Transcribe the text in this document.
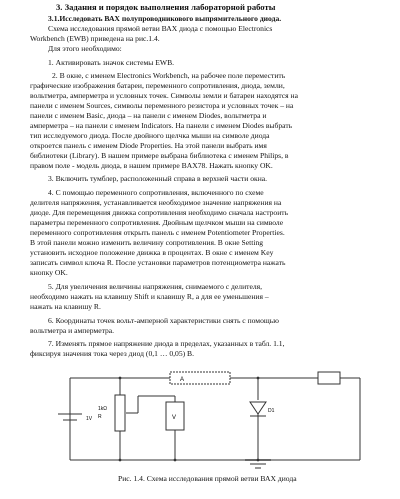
3. Задания и порядок выполнения лабораторной работы
3.1.Исследовать ВАХ полупроводникового выпрямительного диода.
Схема исследования прямой ветви ВАХ диода с помощью Electronics
Workbench (EWB) приведена на рис.1.4.
Для этого необходимо:
1. Активировать значок системы EWB.
2. В окне, с именем Electronics Workbench, на рабочее поле переместить
графические изображения батареи, переменного сопротивления, диода, земли,
вольтметра, амперметра и условных точек. Символы земли и батареи находятся на
панели с именем Sources, символы переменного резистора и условных точек – на
панели с именем Basic, диода – на панели с именем Diodes, вольтметра и
амперметра – на панели с именем Indicators. На панели с именем Diodes выбрать
тип исследуемого диода. После двойного щелчка мыши на символе диода
откроется панель с именем Diode Properties. На этой панели выбрать имя
библиотеки (Library). В нашем примере выбрана библиотека с именем Philips, в
правом поле - модель диода, в нашем примере BAX78. Нажать кнопку OK.
3. Включить тумблер, расположенный справа в верхней части окна.
4. С помощью переменного сопротивления, включенного по схеме
делителя напряжения, устанавливается необходимое значение напряжения на
диоде. Для перемещения движка сопротивления необходимо сначала настроить
параметры переменного сопротивления. Двойным щелчком мыши на символе
переменного сопротивления открыть панель с именем Potentiometer Properties.
В этой панели можно изменить величину сопротивления. В окне Setting
установить исходное положение движка в процентах. В окне с именем Key
записать символ ключа R. После установки параметров потенциометра нажать
кнопку OK.
5. Для увеличения величины напряжения, снимаемого с делителя,
необходимо нажать на клавишу Shift и клавишу R, а для ее уменьшения –
нажать на клавишу R.
6. Координаты точек вольт-амперной характеристики снять с помощью
вольтметра и амперметра.
7. Изменять прямое напряжение диода в пределах, указанных в табл. 1.1,
фиксируя значения тока через диод (0,1 … 0,05) В.
A
V
1V
1kΩ
R
D1
Рис. 1.4. Схема исследования прямой ветви ВАХ диода
